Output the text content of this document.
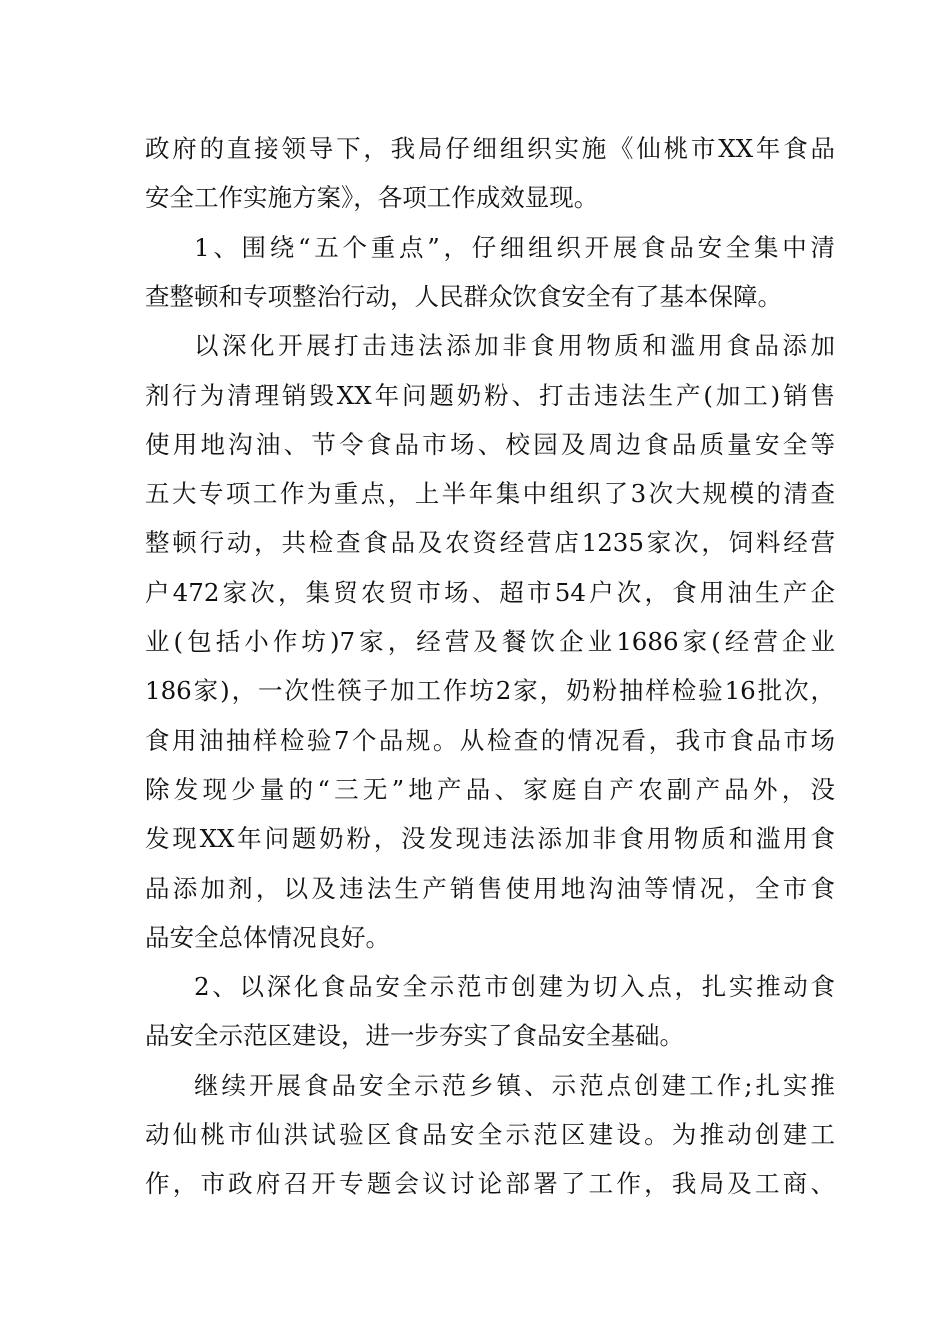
政府的直接领导下，我局仔细组织实施《仙桃市XX年食品
安全工作实施方案》，各项工作成效显现。
1、围绕“五个重点”，仔细组织开展食品安全集中清
查整顿和专项整治行动，人民群众饮食安全有了基本保障。
以深化开展打击违法添加非食用物质和滥用食品添加
剂行为清理销毁XX年问题奶粉、打击违法生产(加工)销售
使用地沟油、节令食品市场、校园及周边食品质量安全等
五大专项工作为重点，上半年集中组织了3次大规模的清查
整顿行动，共检查食品及农资经营店1235家次，饲料经营
户472家次，集贸农贸市场、超市54户次，食用油生产企
业(包括小作坊)7家，经营及餐饮企业1686家(经营企业
186家)，一次性筷子加工作坊2家，奶粉抽样检验16批次，
食用油抽样检验7个品规。从检查的情况看，我市食品市场
除发现少量的“三无”地产品、家庭自产农副产品外，没
发现XX年问题奶粉，没发现违法添加非食用物质和滥用食
品添加剂，以及违法生产销售使用地沟油等情况，全市食
品安全总体情况良好。
2、以深化食品安全示范市创建为切入点，扎实推动食
品安全示范区建设，进一步夯实了食品安全基础。
继续开展食品安全示范乡镇、示范点创建工作;扎实推
动仙桃市仙洪试验区食品安全示范区建设。为推动创建工
作，市政府召开专题会议讨论部署了工作，我局及工商、
